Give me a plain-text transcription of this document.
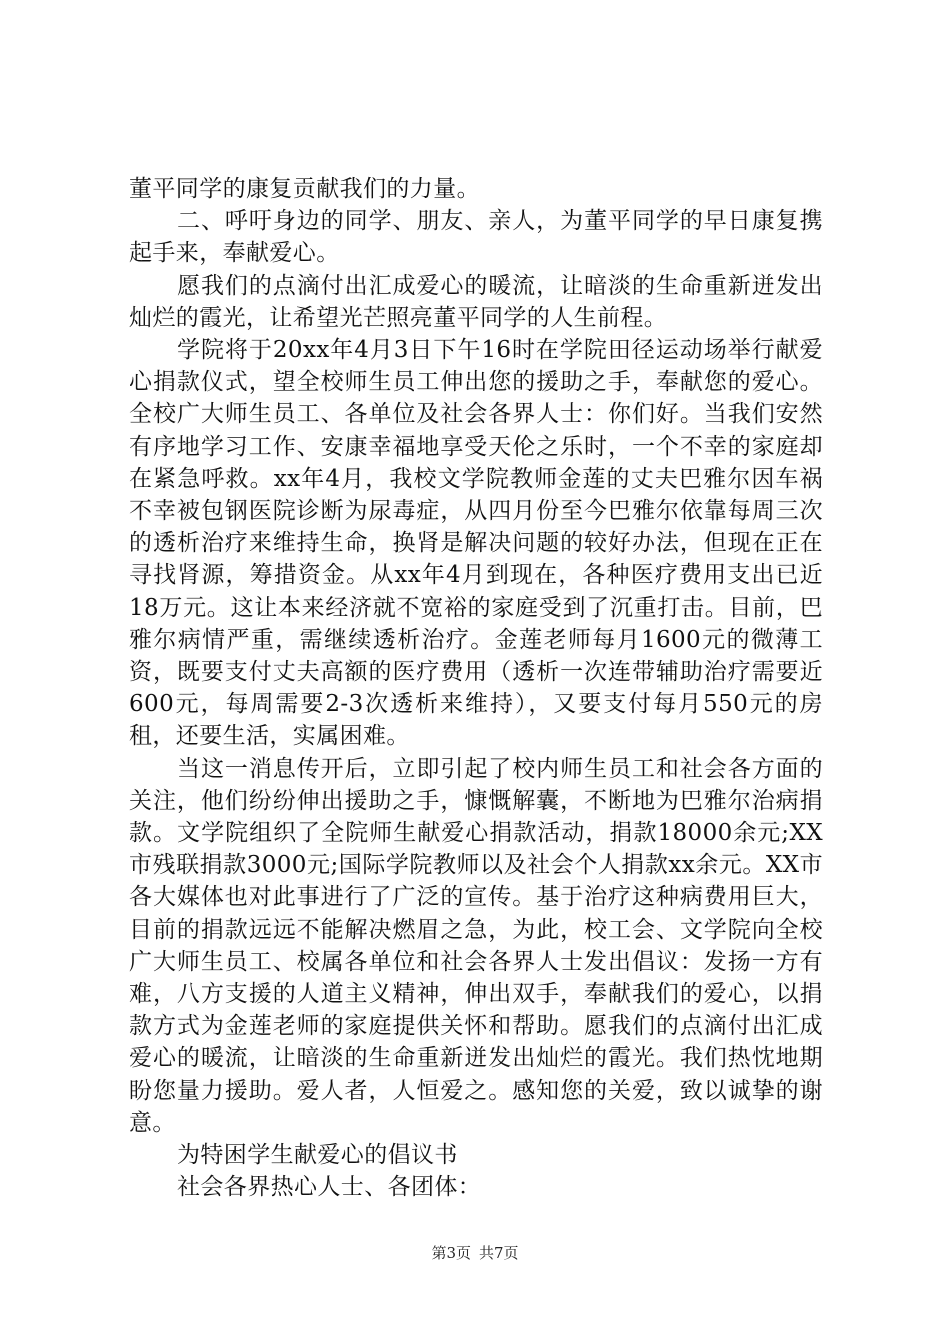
董平同学的康复贡献我们的力量。

二、呼吁身边的同学、朋友、亲人，为董平同学的早日康复携起手来，奉献爱心。

愿我们的点滴付出汇成爱心的暖流，让暗淡的生命重新迸发出灿烂的霞光，让希望光芒照亮董平同学的人生前程。

学院将于20xx年4月3日下午16时在学院田径运动场举行献爱心捐款仪式，望全校师生员工伸出您的援助之手，奉献您的爱心。全校广大师生员工、各单位及社会各界人士：你们好。当我们安然有序地学习工作、安康幸福地享受天伦之乐时，一个不幸的家庭却在紧急呼救。xx年4月，我校文学院教师金莲的丈夫巴雅尔因车祸不幸被包钢医院诊断为尿毒症，从四月份至今巴雅尔依靠每周三次的透析治疗来维持生命，换肾是解决问题的较好办法，但现在正在寻找肾源，筹措资金。从xx年4月到现在，各种医疗费用支出已近18万元。这让本来经济就不宽裕的家庭受到了沉重打击。目前，巴雅尔病情严重，需继续透析治疗。金莲老师每月1600元的微薄工资，既要支付丈夫高额的医疗费用（透析一次连带辅助治疗需要近600元，每周需要2-3次透析来维持），又要支付每月550元的房租，还要生活，实属困难。

当这一消息传开后，立即引起了校内师生员工和社会各方面的关注，他们纷纷伸出援助之手，慷慨解囊，不断地为巴雅尔治病捐款。文学院组织了全院师生献爱心捐款活动，捐款18000余元;XX市残联捐款3000元;国际学院教师以及社会个人捐款xx余元。XX市各大媒体也对此事进行了广泛的宣传。基于治疗这种病费用巨大，目前的捐款远远不能解决燃眉之急，为此，校工会、文学院向全校广大师生员工、校属各单位和社会各界人士发出倡议：发扬一方有难，八方支援的人道主义精神，伸出双手，奉献我们的爱心，以捐款方式为金莲老师的家庭提供关怀和帮助。愿我们的点滴付出汇成爱心的暖流，让暗淡的生命重新迸发出灿烂的霞光。我们热忱地期盼您量力援助。爱人者，人恒爱之。感知您的关爱，致以诚挚的谢意。

为特困学生献爱心的倡议书

社会各界热心人士、各团体：

第3页 共7页
